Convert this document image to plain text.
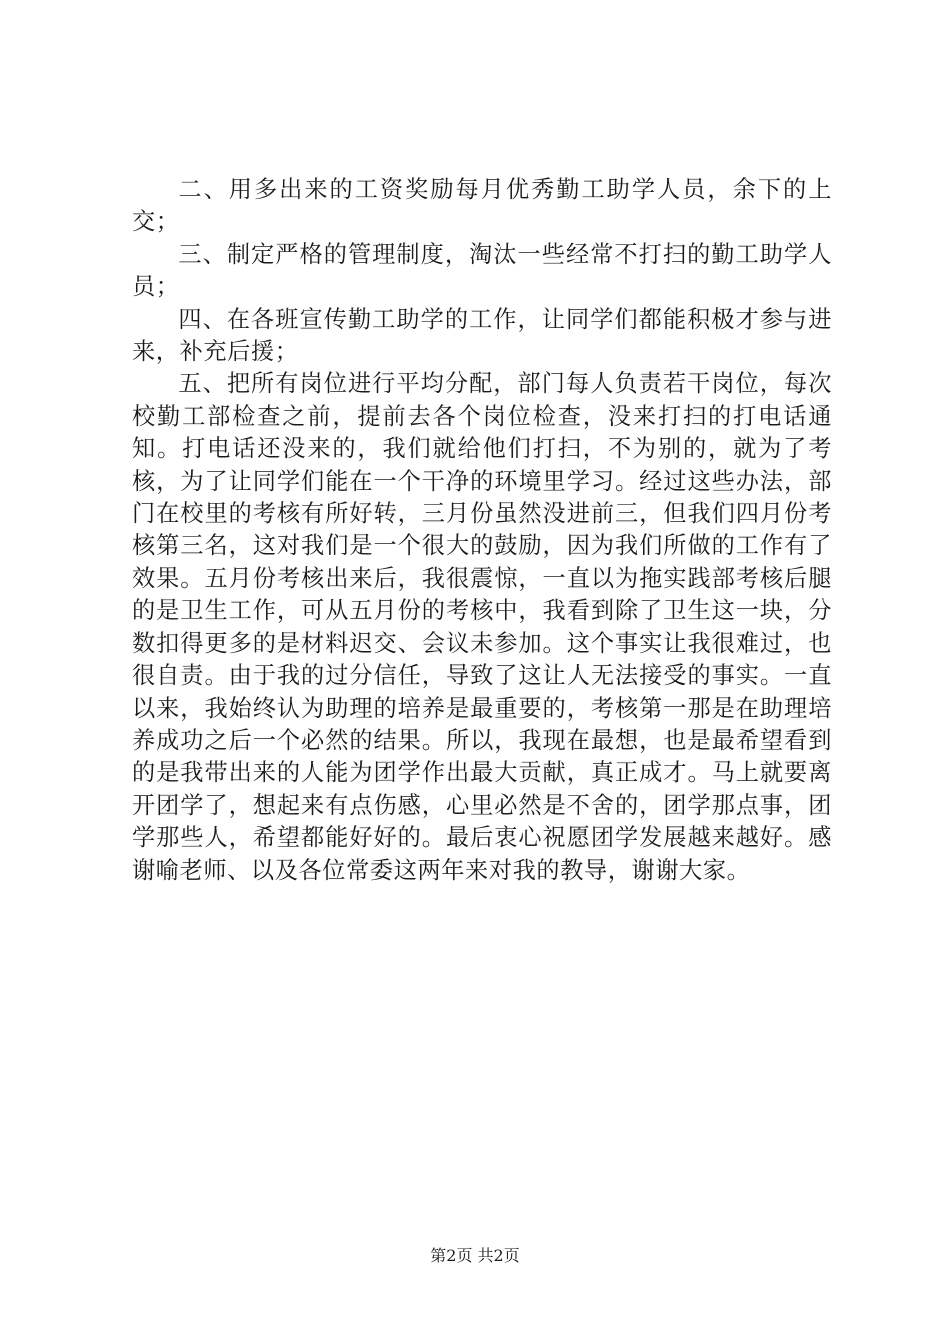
二、用多出来的工资奖励每月优秀勤工助学人员，余下的上交；

三、制定严格的管理制度，淘汰一些经常不打扫的勤工助学人员；

四、在各班宣传勤工助学的工作，让同学们都能积极才参与进来，补充后援；

五、把所有岗位进行平均分配，部门每人负责若干岗位，每次校勤工部检查之前，提前去各个岗位检查，没来打扫的打电话通知。打电话还没来的，我们就给他们打扫，不为别的，就为了考核，为了让同学们能在一个干净的环境里学习。经过这些办法，部门在校里的考核有所好转，三月份虽然没进前三，但我们四月份考核第三名，这对我们是一个很大的鼓励，因为我们所做的工作有了效果。五月份考核出来后，我很震惊，一直以为拖实践部考核后腿的是卫生工作，可从五月份的考核中，我看到除了卫生这一块，分数扣得更多的是材料迟交、会议未参加。这个事实让我很难过，也很自责。由于我的过分信任，导致了这让人无法接受的事实。一直以来，我始终认为助理的培养是最重要的，考核第一那是在助理培养成功之后一个必然的结果。所以，我现在最想，也是最希望看到的是我带出来的人能为团学作出最大贡献，真正成才。马上就要离开团学了，想起来有点伤感，心里必然是不舍的，团学那点事，团学那些人，希望都能好好的。最后衷心祝愿团学发展越来越好。感谢喻老师、以及各位常委这两年来对我的教导，谢谢大家。

第2页 共2页
